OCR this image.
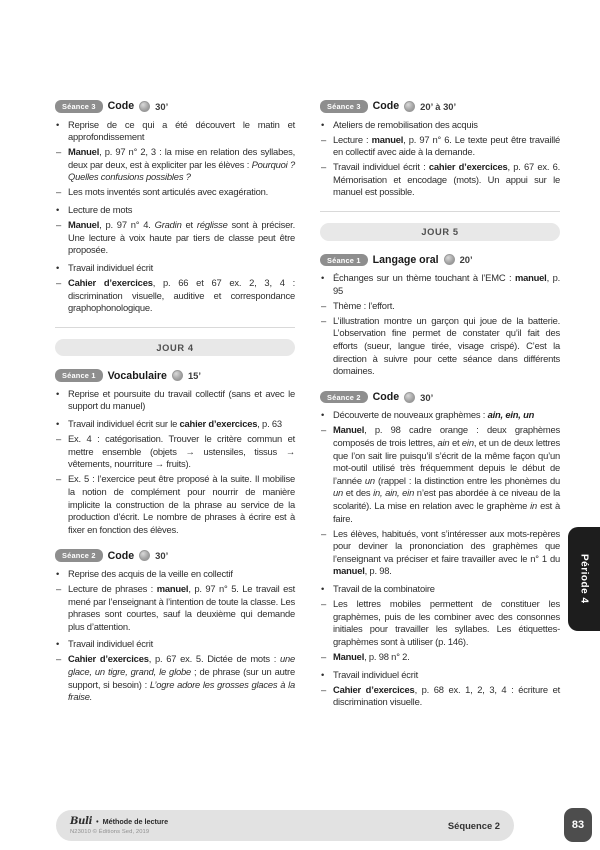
Séance 3	Code 30’
• Reprise de ce qui a été découvert le matin et approfondissement
– Manuel, p. 97 n° 2, 3 : la mise en relation des syllabes, deux par deux, est à expliciter par les élèves : Pourquoi ? Quelles confusions possibles ?
– Les mots inventés sont articulés avec exagération.
• Lecture de mots
– Manuel, p. 97 n° 4. Gradin et réglisse sont à préciser. Une lecture à voix haute par tiers de classe peut être proposée.
• Travail individuel écrit
– Cahier d’exercices, p. 66 et 67 ex. 2, 3, 4 : discrimination visuelle, auditive et correspondance graphophonologique.
JOUR 4
Séance 1	Vocabulaire 15’
• Reprise et poursuite du travail collectif (sans et avec le support du manuel)
• Travail individuel écrit sur le cahier d’exercices, p. 63
– Ex. 4 : catégorisation. Trouver le critère commun et mettre ensemble (objets → ustensiles, tissus → vêtements, nourriture → fruits).
– Ex. 5 : l’exercice peut être proposé à la suite. Il mobilise la notion de complément pour nourrir de manière implicite la construction de la phrase au service de la production d’écrit. Le nombre de phrases à écrire est à fixer en fonction des élèves.
Séance 2	Code 30’
• Reprise des acquis de la veille en collectif
– Lecture de phrases : manuel, p. 97 n° 5. Le travail est mené par l’enseignant à l’intention de toute la classe. Les phrases sont courtes, sauf la deuxième qui demande plus d’attention.
• Travail individuel écrit
– Cahier d’exercices, p. 67 ex. 5. Dictée de mots : une glace, un tigre, grand, le globe ; de phrase (sur un autre support, si besoin) : L’ogre adore les grosses glaces à la fraise.
Séance 3	Code 20’ à 30’
• Ateliers de remobilisation des acquis
– Lecture : manuel, p. 97 n° 6. Le texte peut être travaillé en collectif avec aide à la demande.
– Travail individuel écrit : cahier d’exercices, p. 67 ex. 6. Mémorisation et encodage (mots). Un appui sur le manuel est possible.
JOUR 5
Séance 1	Langage oral 20’
• Échanges sur un thème touchant à l’EMC : manuel, p. 95
– Thème : l’effort.
– L’illustration montre un garçon qui joue de la batterie. L’observation fine permet de constater qu’il fait des efforts (sueur, langue tirée, visage crispé). C’est la direction à suivre pour cette séance dans différents domaines.
Séance 2	Code 30’
• Découverte de nouveaux graphèmes : ain, ein, un
– Manuel, p. 98 cadre orange : deux graphèmes composés de trois lettres, ain et ein, et un de deux lettres que l’on sait lire puisqu’il s’écrit de la même façon qu’un mot-outil utilisé très fréquemment depuis le début de l’année un (rappel : la distinction entre les phonèmes du un et des in, ain, ein n’est pas abordée à ce niveau de la scolarité). La mise en relation avec le graphème in est à faire.
– Les élèves, habitués, vont s’intéresser aux mots-repères pour deviner la prononciation des graphèmes que l’enseignant va préciser et faire travailler avec le n° 1 du manuel, p. 98.
• Travail de la combinatoire
– Les lettres mobiles permettent de constituer les graphèmes, puis de les combiner avec des consonnes initiales pour travailler les syllabes. Les étiquettes-graphèmes sont à utiliser (p. 146).
– Manuel, p. 98 n° 2.
• Travail individuel écrit
– Cahier d’exercices, p. 68 ex. 1, 2, 3, 4 : écriture et discrimination visuelle.
Période 4
Buli • Méthode de lecture
N23010 © Éditions Sed, 2019
Séquence 2	83
